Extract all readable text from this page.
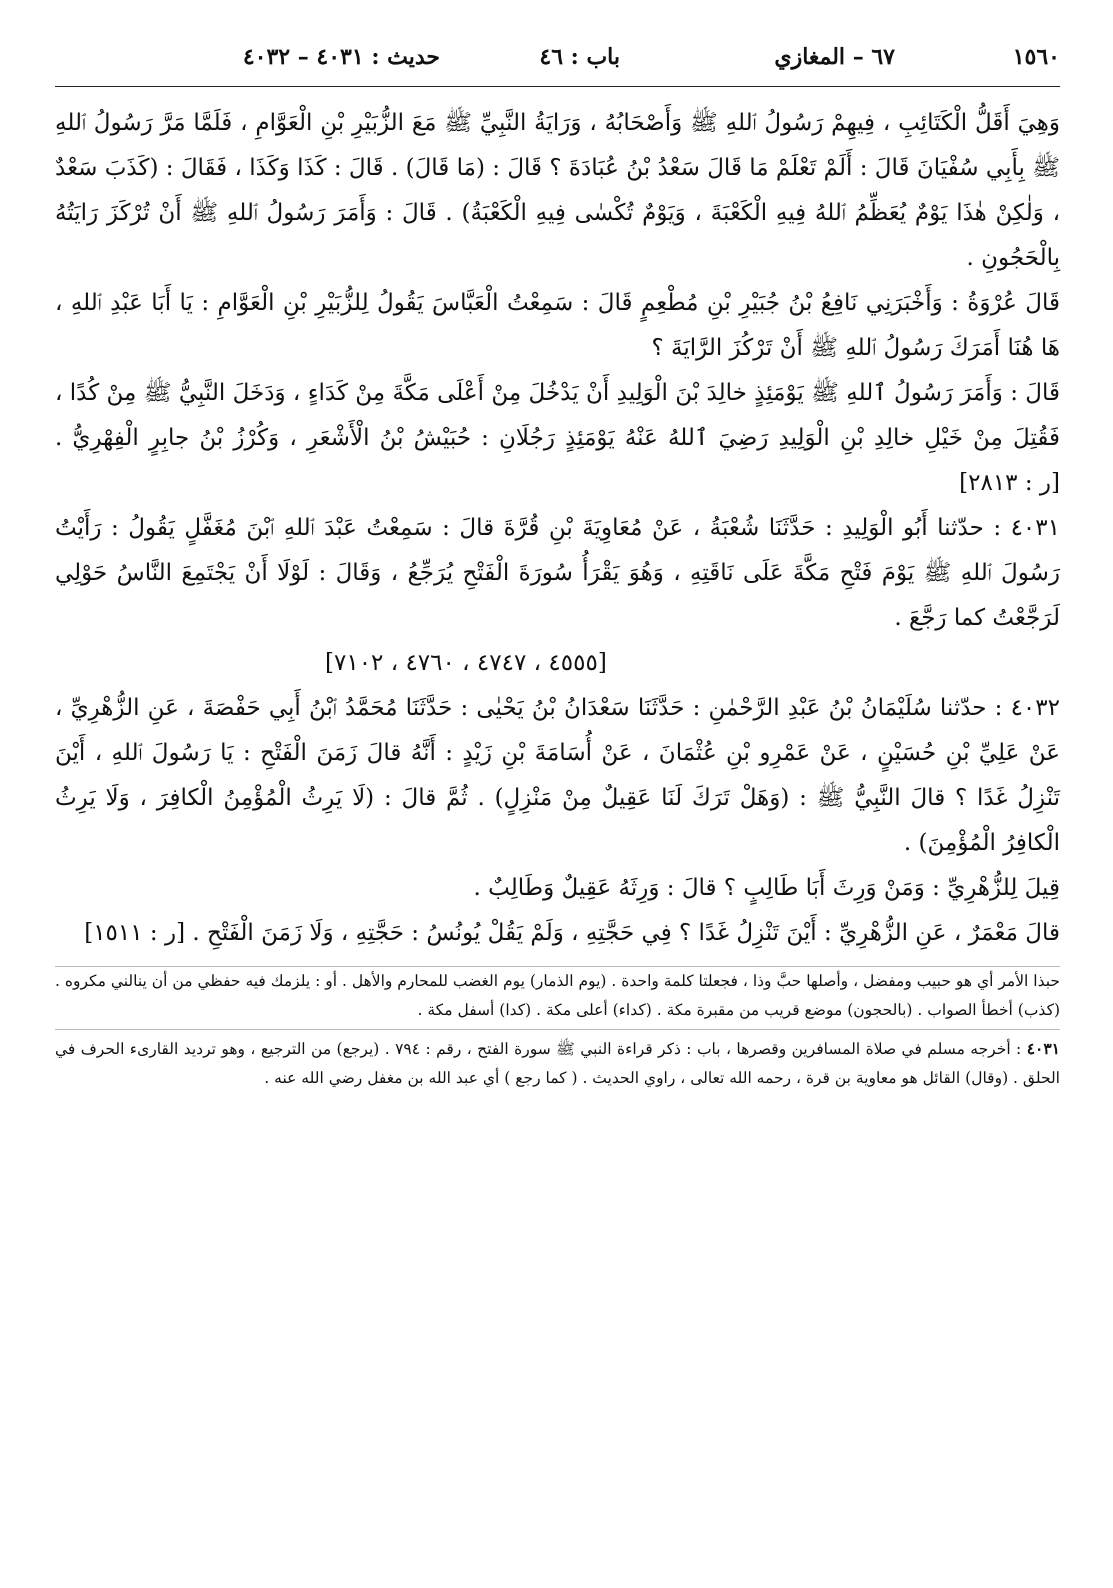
١٥٦٠
٦٧ – المغازي
باب : ٤٦
حديث : ٤٠٣١ – ٤٠٣٢

وَهِيَ أَقَلُّ الْكَتَائِبِ ، فِيهِمْ رَسُولُ ٱللهِ ﷺ وَأَصْحَابُهُ ، وَرَايَةُ النَّبِيِّ ﷺ مَعَ الزُّبَيْرِ بْنِ الْعَوَّامِ ، فَلَمَّا مَرَّ رَسُولُ ٱللهِ ﷺ بِأَبِي سُفْيَانَ قَالَ : أَلَمْ تَعْلَمْ مَا قَالَ سَعْدُ بْنُ عُبَادَةَ ؟ قَالَ : (مَا قَالَ) . قَالَ : كَذَا وَكَذَا ، فَقَالَ : (كَذَبَ سَعْدٌ ، وَلٰكِنْ هٰذَا يَوْمٌ يُعَظِّمُ ٱللهُ فِيهِ الْكَعْبَةَ ، وَيَوْمٌ تُكْسٰى فِيهِ الْكَعْبَةُ) . قَالَ : وَأَمَرَ رَسُولُ ٱللهِ ﷺ أَنْ تُرْكَزَ رَايَتُهُ بِالْحَجُونِ .

قَالَ عُرْوَةُ : وَأَخْبَرَنِي نَافِعُ بْنُ جُبَيْرِ بْنِ مُطْعِمٍ قَالَ : سَمِعْتُ الْعَبَّاسَ يَقُولُ لِلزُّبَيْرِ بْنِ الْعَوَّامِ : يَا أَبَا عَبْدِ ٱللهِ ، هَا هُنَا أَمَرَكَ رَسُولُ ٱللهِ ﷺ أَنْ تَرْكُزَ الرَّايَةَ ؟

قَالَ : وَأَمَرَ رَسُولُ ٱللهِ ﷺ يَوْمَئِذٍ خالِدَ بْنَ الْوَلِيدِ أَنْ يَدْخُلَ مِنْ أَعْلَى مَكَّةَ مِنْ كَدَاءٍ ، وَدَخَلَ النَّبِيُّ ﷺ مِنْ كُدًا ، فَقُتِلَ مِنْ خَيْلِ خالِدِ بْنِ الْوَلِيدِ رَضِيَ ٱللهُ عَنْهُ يَوْمَئِذٍ رَجُلَانِ : حُبَيْشُ بْنُ الْأَشْعَرِ ، وَكُرْزُ بْنُ جابِرٍ الْفِهْرِيُّ . [ر : ٢٨١٣]

٤٠٣١ : حدّثنا أَبُو الْوَلِيدِ : حَدَّثَنَا شُعْبَةُ ، عَنْ مُعَاوِيَةَ بْنِ قُرَّةَ قالَ : سَمِعْتُ عَبْدَ ٱللهِ ٱبْنَ مُغَفَّلٍ يَقُولُ : رَأَيْتُ رَسُولَ ٱللهِ ﷺ يَوْمَ فَتْحِ مَكَّةَ عَلَى نَاقَتِهِ ، وَهُوَ يَقْرَأُ سُورَةَ الْفَتْحِ يُرَجِّعُ ، وَقَالَ : لَوْلَا أَنْ يَجْتَمِعَ النَّاسُ حَوْلِي لَرَجَّعْتُ كما رَجَّعَ .

[٤٥٥٥ ، ٤٧٤٧ ، ٤٧٦٠ ، ٧١٠٢]

٤٠٣٢ : حدّثنا سُلَيْمَانُ بْنُ عَبْدِ الرَّحْمٰنِ : حَدَّثَنَا سَعْدَانُ بْنُ يَحْيٰى : حَدَّثَنَا مُحَمَّدُ ٱبْنُ أَبِي حَفْصَةَ ، عَنِ الزُّهْرِيِّ ، عَنْ عَلِيِّ بْنِ حُسَيْنٍ ، عَنْ عَمْرِو بْنِ عُثْمَانَ ، عَنْ أُسَامَةَ بْنِ زَيْدٍ : أَنَّهُ قالَ زَمَنَ الْفَتْحِ : يَا رَسُولَ ٱللهِ ، أَيْنَ تَنْزِلُ غَدًا ؟ قالَ النَّبِيُّ ﷺ : (وَهَلْ تَرَكَ لَنَا عَقِيلٌ مِنْ مَنْزِلٍ) . ثُمَّ قالَ : (لَا يَرِثُ الْمُؤْمِنُ الْكافِرَ ، وَلَا يَرِثُ الْكافِرُ الْمُؤْمِنَ) .

قِيلَ لِلزُّهْرِيِّ : وَمَنْ وَرِثَ أَبَا طَالِبٍ ؟ قالَ : وَرِثَهُ عَقِيلٌ وَطَالِبٌ .

قالَ مَعْمَرٌ ، عَنِ الزُّهْرِيِّ : أَيْنَ تَنْزِلُ غَدًا ؟ فِي حَجَّتِهِ ، وَلَمْ يَقُلْ يُونُسُ : حَجَّتِهِ ، وَلَا زَمَنَ الْفَتْحِ . [ر : ١٥١١]

حبذا الأمر أي هو حبيب ومفضل ، وأصلها حبَّ وذا ، فجعلتا كلمة واحدة . (يوم الذمار) يوم الغضب للمحارم والأهل . أو : يلزمك فيه حفظي من أن ينالني مكروه . (كذب) أخطأ الصواب . (بالحجون) موضع قريب من مقبرة مكة . (كداء) أعلى مكة . (كدا) أسفل مكة .

٤٠٣١ : أخرجه مسلم في صلاة المسافرين وقصرها ، باب : ذكر قراءة النبي ﷺ سورة الفتح ، رقم : ٧٩٤ . (يرجع) من الترجيع ، وهو ترديد القارىء الحرف في الحلق . (وقال) القائل هو معاوية بن قرة ، رحمه الله تعالى ، راوي الحديث . ( كما رجع ) أي عبد الله بن مغفل رضي الله عنه .
